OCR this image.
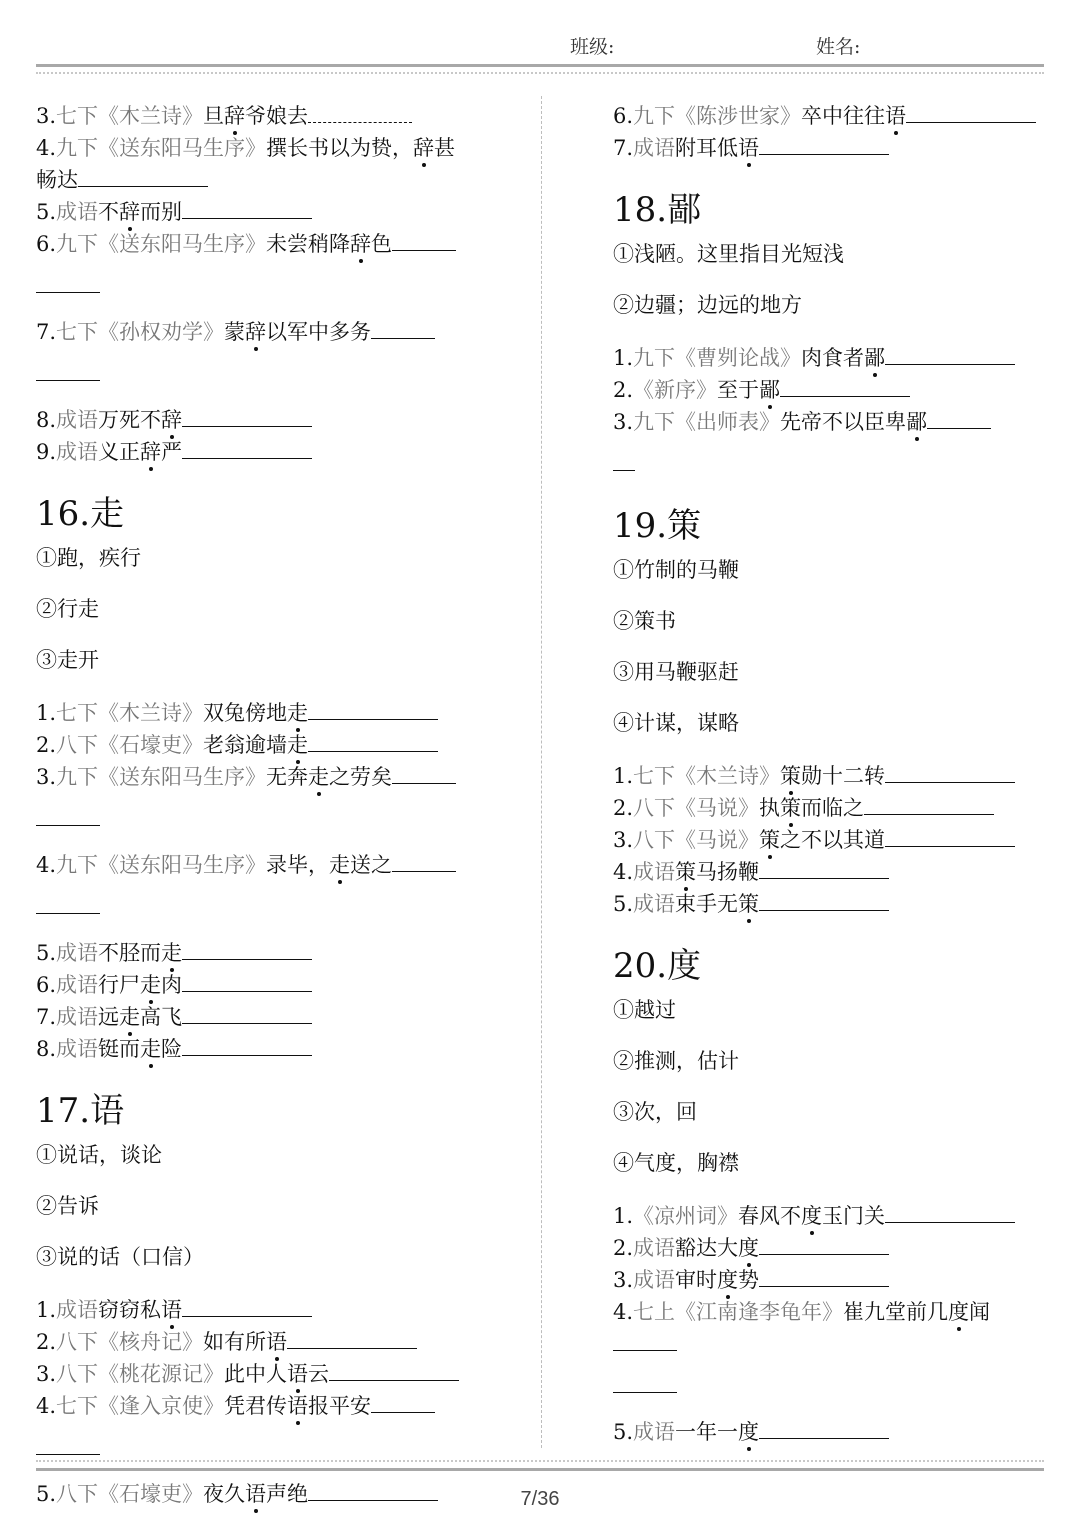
班级:	姓名:

3.七下《木兰诗》旦辞爷娘去

4.九下《送东阳马生序》撰长书以为贽，辞甚
畅达

5.成语不辞而别

6.九下《送东阳马生序》未尝稍降辞色

7.七下《孙权劝学》蒙辞以军中多务

8.成语万死不辞

9.成语义正辞严

16.走
①跑，疾行
②行走
③走开

1.七下《木兰诗》双兔傍地走

2.八下《石壕吏》老翁逾墙走

3.九下《送东阳马生序》无奔走之劳矣

4.九下《送东阳马生序》录毕，走送之

5.成语不胫而走

6.成语行尸走肉

7.成语远走高飞

8.成语铤而走险

17.语
①说话，谈论
②告诉
③说的话（口信）

1.成语窃窃私语

2.八下《核舟记》如有所语

3.八下《桃花源记》此中人语云

4.七下《逢入京使》凭君传语报平安

5.八下《石壕吏》夜久语声绝

6.九下《陈涉世家》卒中往往语

7.成语附耳低语

18.鄙
①浅陋。这里指目光短浅
②边疆；边远的地方

1.九下《曹刿论战》肉食者鄙

2.《新序》至于鄙

3.九下《出师表》先帝不以臣卑鄙

19.策
①竹制的马鞭
②策书
③用马鞭驱赶
④计谋，谋略

1.七下《木兰诗》策勋十二转

2.八下《马说》执策而临之

3.八下《马说》策之不以其道

4.成语策马扬鞭

5.成语束手无策

20.度
①越过
②推测，估计
③次，回
④气度，胸襟

1.《凉州词》春风不度玉门关

2.成语豁达大度

3.成语审时度势

4.七上《江南逢李龟年》崔九堂前几度闻

5.成语一年一度

7/36
